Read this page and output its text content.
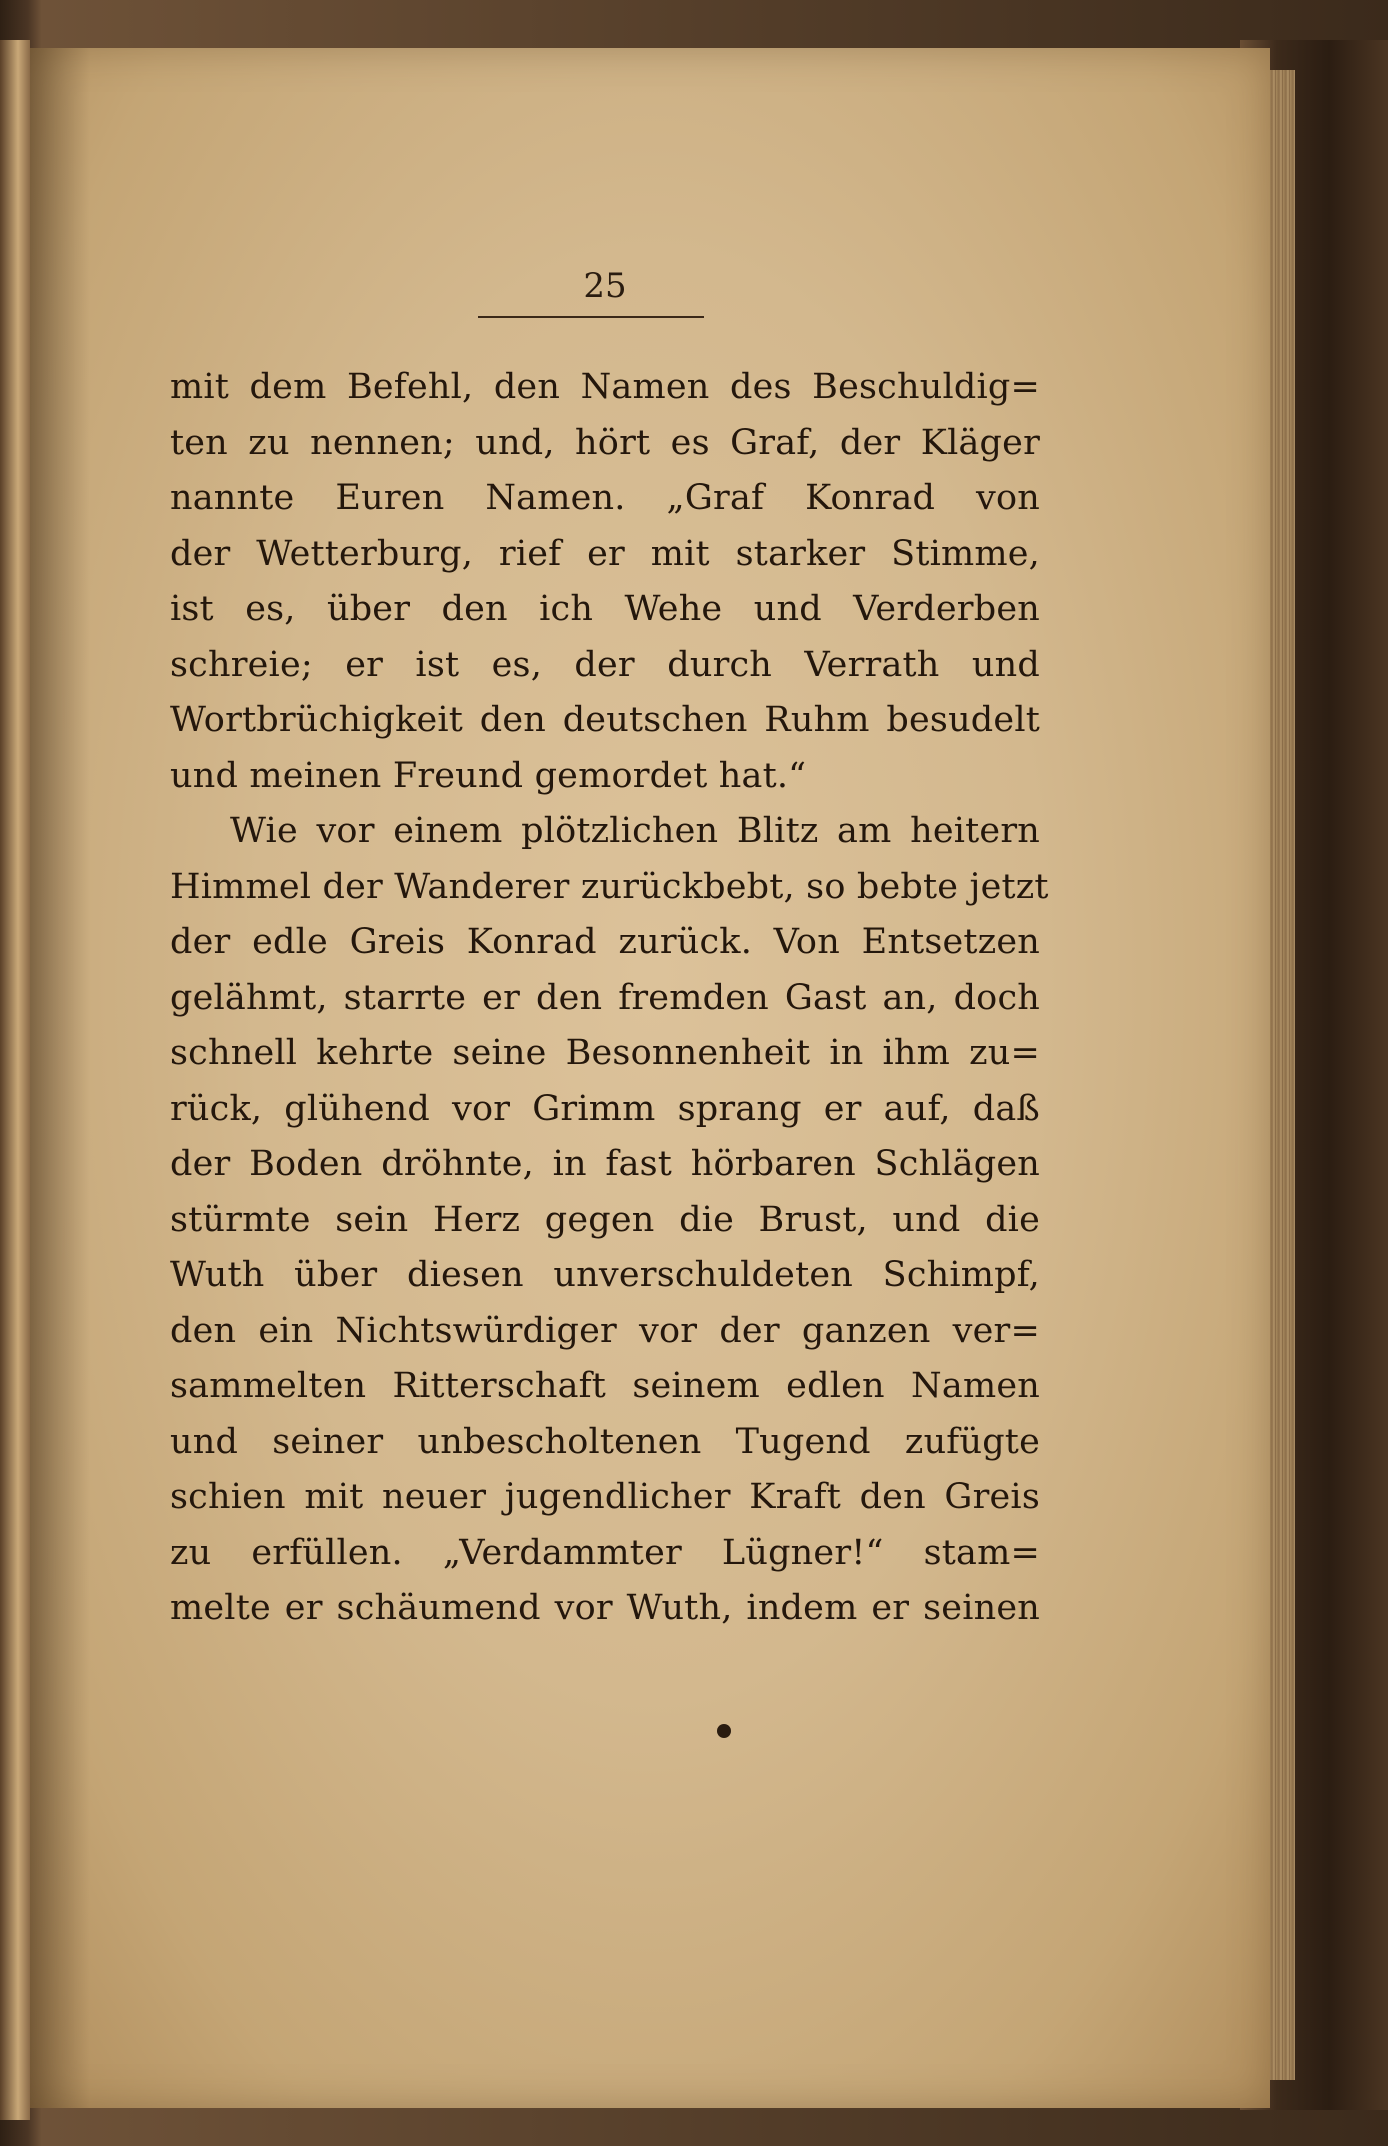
25
mit dem Befehl, den Namen des Beschuldig=
ten zu nennen; und, hört es Graf, der Kläger
nannte Euren Namen. „Graf Konrad von
der Wetterburg, rief er mit starker Stimme,
ist es, über den ich Wehe und Verderben
schreie; er ist es, der durch Verrath und
Wortbrüchigkeit den deutschen Ruhm besudelt
und meinen Freund gemordet hat.“
Wie vor einem plötzlichen Blitz am heitern
Himmel der Wanderer zurückbebt, so bebte jetzt
der edle Greis Konrad zurück. Von Entsetzen
gelähmt, starrte er den fremden Gast an, doch
schnell kehrte seine Besonnenheit in ihm zu=
rück, glühend vor Grimm sprang er auf, daß
der Boden dröhnte, in fast hörbaren Schlägen
stürmte sein Herz gegen die Brust, und die
Wuth über diesen unverschuldeten Schimpf,
den ein Nichtswürdiger vor der ganzen ver=
sammelten Ritterschaft seinem edlen Namen
und seiner unbescholtenen Tugend zufügte
schien mit neuer jugendlicher Kraft den Greis
zu erfüllen. „Verdammter Lügner!“ stam=
melte er schäumend vor Wuth, indem er seinen
